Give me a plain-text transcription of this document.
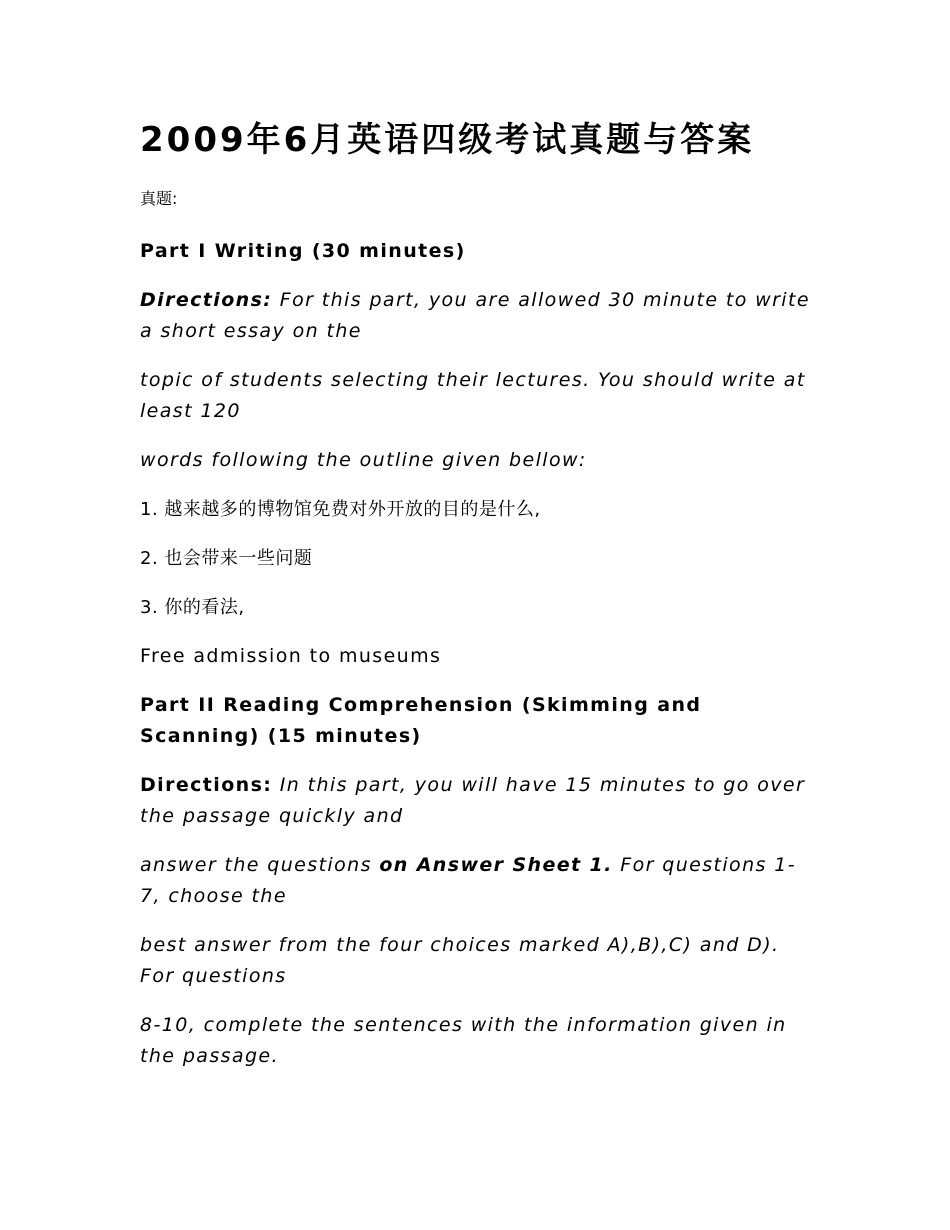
2009年6月英语四级考试真题与答案
真题:

Part I Writing (30 minutes)

Directions: For this part, you are allowed 30 minute to write a short essay on the

topic of students selecting their lectures. You should write at least 120

words following the outline given bellow:

1. 越来越多的博物馆免费对外开放的目的是什么,

2. 也会带来一些问题

3. 你的看法,

Free admission to museums

Part II Reading Comprehension (Skimming and Scanning) (15 minutes)

Directions: In this part, you will have 15 minutes to go over the passage quickly and

answer the questions on Answer Sheet 1. For questions 1-7, choose the

best answer from the four choices marked A),B),C) and D). For questions

8-10, complete the sentences with the information given in the passage.
